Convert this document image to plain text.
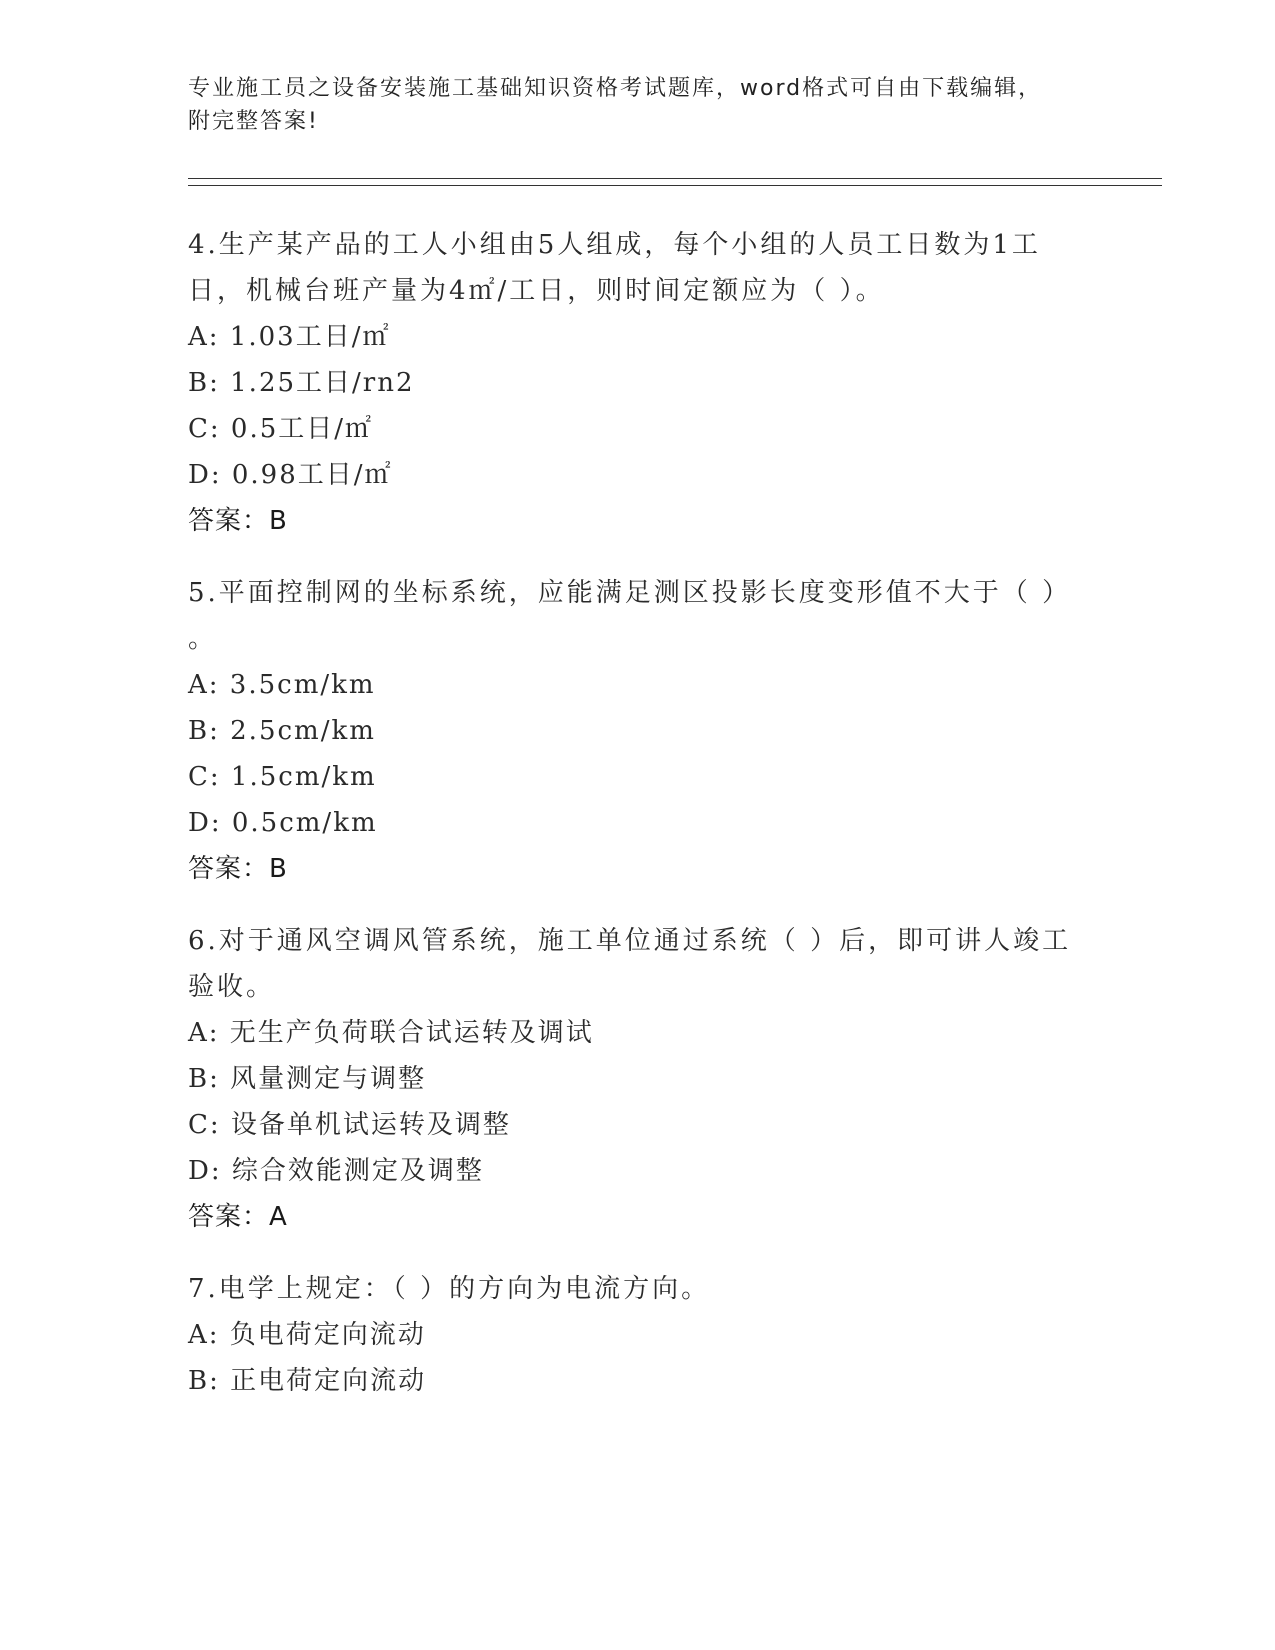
专业施工员之设备安装施工基础知识资格考试题库，word格式可自由下载编辑，
附完整答案!
4.生产某产品的工人小组由5人组成，每个小组的人员工日数为1工
日，机械台班产量为4㎡/工日，则时间定额应为（ ）。
A: 1.03工日/㎡
B: 1.25工日/rn2
C: 0.5工日/㎡
D: 0.98工日/㎡
答案：B
5.平面控制网的坐标系统，应能满足测区投影长度变形值不大于（ ）
。
A: 3.5cm/km
B: 2.5cm/km
C: 1.5cm/km
D: 0.5cm/km
答案：B
6.对于通风空调风管系统，施工单位通过系统（ ）后，即可讲人竣工
验收。
A: 无生产负荷联合试运转及调试
B: 风量测定与调整
C: 设备单机试运转及调整
D: 综合效能测定及调整
答案：A
7.电学上规定：（ ）的方向为电流方向。
A: 负电荷定向流动
B: 正电荷定向流动
